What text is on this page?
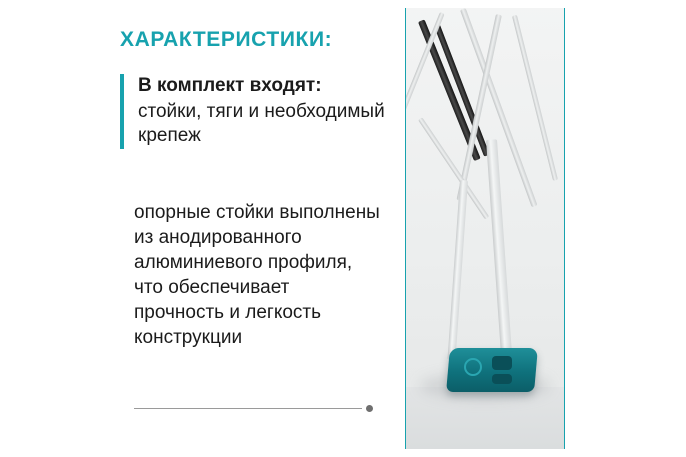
ХАРАКТЕРИСТИКИ:
В комплект входят:
стойки, тяги и необходимый крепеж
опорные стойки выполнены из анодированного алюминиевого профиля, что обеспечивает прочность и легкость конструкции
